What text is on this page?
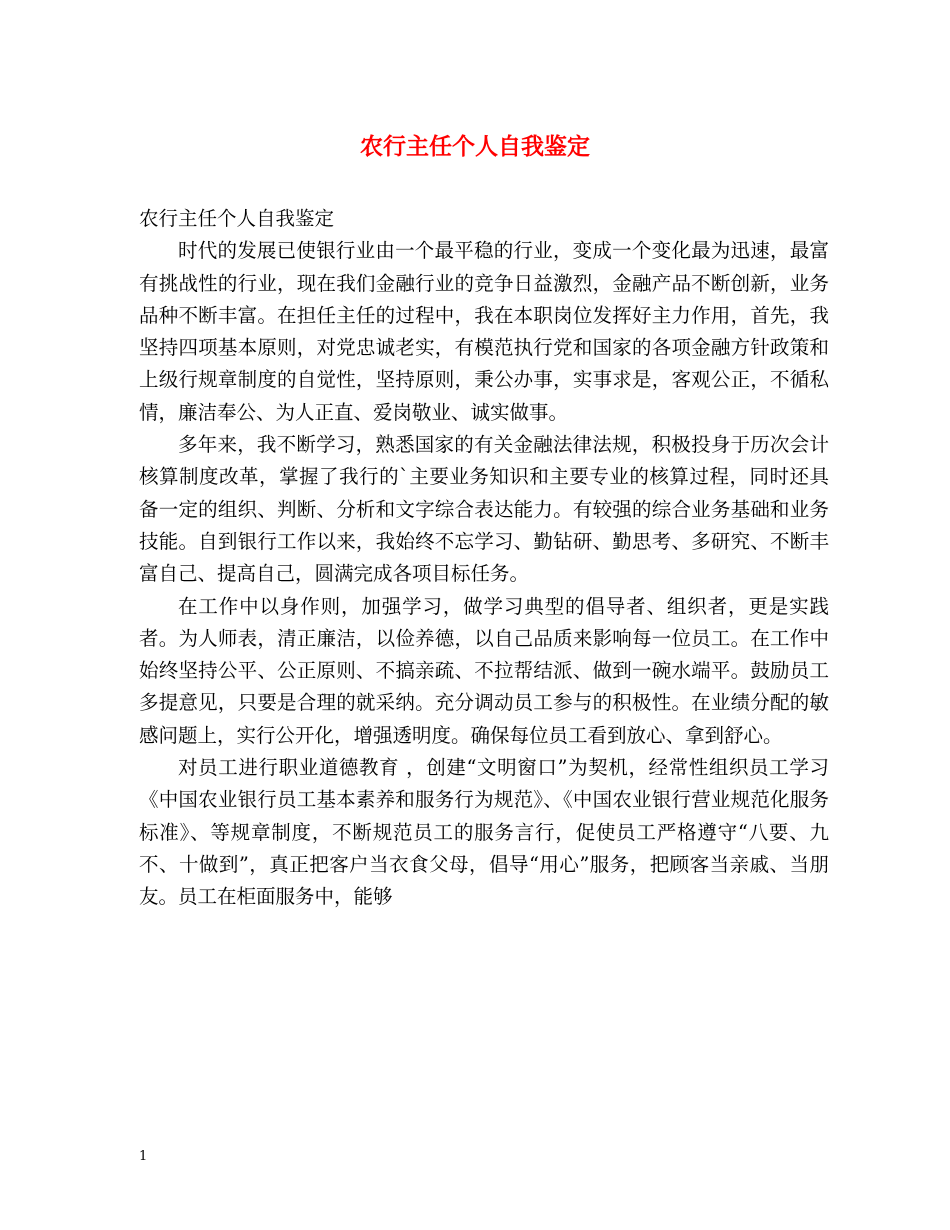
农行主任个人自我鉴定

农行主任个人自我鉴定

时代的发展已使银行业由一个最平稳的行业，变成一个变化最为迅速，最富有挑战性的行业，现在我们金融行业的竞争日益激烈，金融产品不断创新，业务品种不断丰富。在担任主任的过程中，我在本职岗位发挥好主力作用，首先，我坚持四项基本原则，对党忠诚老实，有模范执行党和国家的各项金融方针政策和上级行规章制度的自觉性，坚持原则，秉公办事，实事求是，客观公正，不循私情，廉洁奉公、为人正直、爱岗敬业、诚实做事。

多年来，我不断学习，熟悉国家的有关金融法律法规，积极投身于历次会计核算制度改革，掌握了我行的`主要业务知识和主要专业的核算过程，同时还具备一定的组织、判断、分析和文字综合表达能力。有较强的综合业务基础和业务技能。自到银行工作以来，我始终不忘学习、勤钻研、勤思考、多研究、不断丰富自己、提高自己，圆满完成各项目标任务。

在工作中以身作则，加强学习，做学习典型的倡导者、组织者，更是实践者。为人师表，清正廉洁，以俭养德，以自己品质来影响每一位员工。在工作中始终坚持公平、公正原则、不搞亲疏、不拉帮结派、做到一碗水端平。鼓励员工多提意见，只要是合理的就采纳。充分调动员工参与的积极性。在业绩分配的敏感问题上，实行公开化，增强透明度。确保每位员工看到放心、拿到舒心。

对员工进行职业道德教育 ，创建“文明窗口”为契机，经常性组织员工学习《中国农业银行员工基本素养和服务行为规范》、《中国农业银行营业规范化服务标准》、等规章制度，不断规范员工的服务言行，促使员工严格遵守“八要、九不、十做到”，真正把客户当衣食父母，倡导“用心”服务，把顾客当亲戚、当朋友。员工在柜面服务中，能够

1
